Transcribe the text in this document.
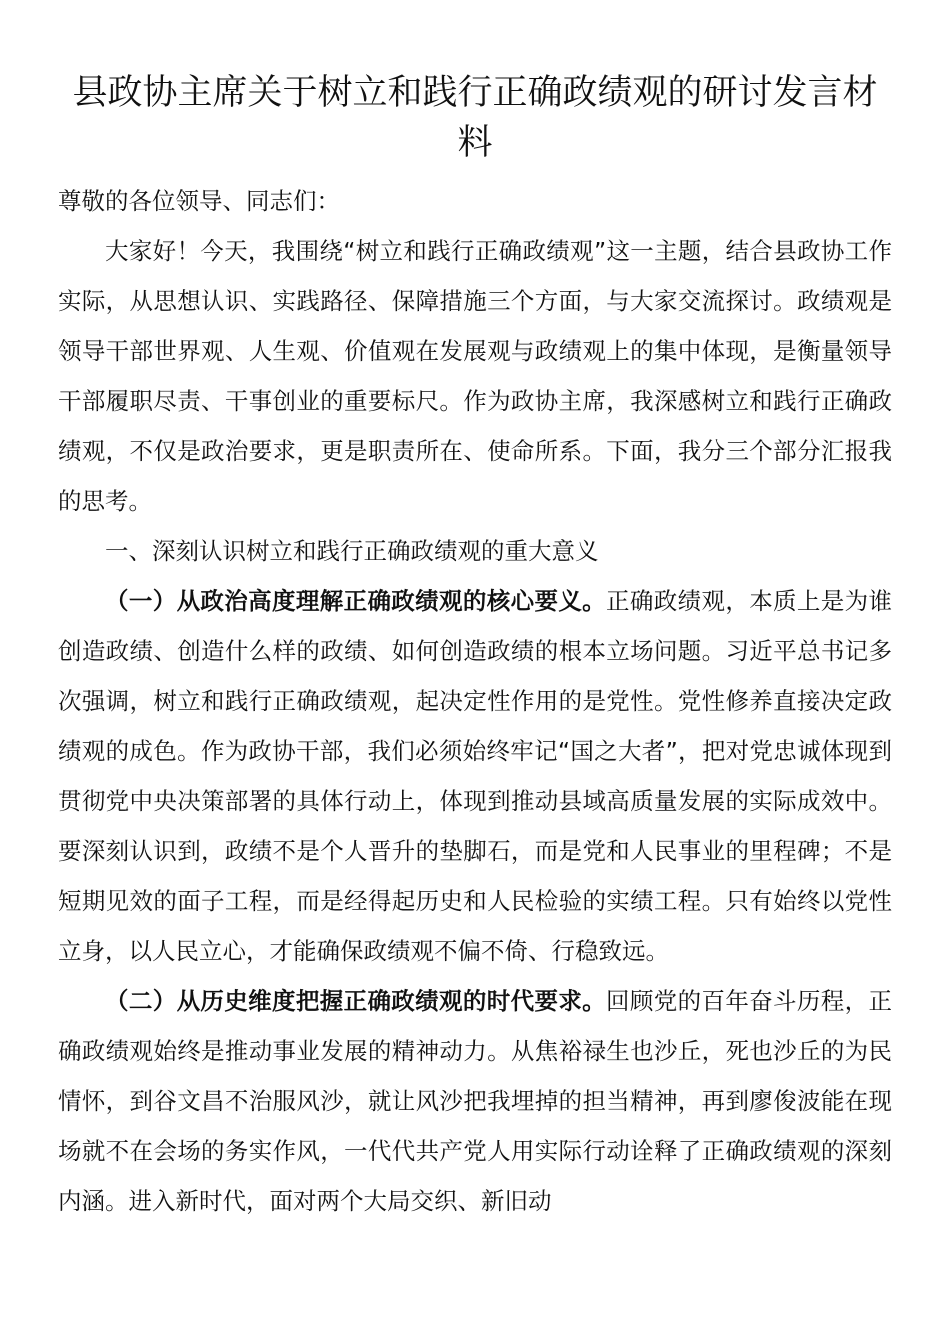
县政协主席关于树立和践行正确政绩观的研讨发言材料

尊敬的各位领导、同志们：

大家好！今天，我围绕“树立和践行正确政绩观”这一主题，结合县政协工作实际，从思想认识、实践路径、保障措施三个方面，与大家交流探讨。政绩观是领导干部世界观、人生观、价值观在发展观与政绩观上的集中体现，是衡量领导干部履职尽责、干事创业的重要标尺。作为政协主席，我深感树立和践行正确政绩观，不仅是政治要求，更是职责所在、使命所系。下面，我分三个部分汇报我的思考。

一、深刻认识树立和践行正确政绩观的重大意义

（一）从政治高度理解正确政绩观的核心要义。正确政绩观，本质上是为谁创造政绩、创造什么样的政绩、如何创造政绩的根本立场问题。习近平总书记多次强调，树立和践行正确政绩观，起决定性作用的是党性。党性修养直接决定政绩观的成色。作为政协干部，我们必须始终牢记“国之大者”，把对党忠诚体现到贯彻党中央决策部署的具体行动上，体现到推动县域高质量发展的实际成效中。要深刻认识到，政绩不是个人晋升的垫脚石，而是党和人民事业的里程碑；不是短期见效的面子工程，而是经得起历史和人民检验的实绩工程。只有始终以党性立身，以人民立心，才能确保政绩观不偏不倚、行稳致远。

（二）从历史维度把握正确政绩观的时代要求。回顾党的百年奋斗历程，正确政绩观始终是推动事业发展的精神动力。从焦裕禄生也沙丘，死也沙丘的为民情怀，到谷文昌不治服风沙，就让风沙把我埋掉的担当精神，再到廖俊波能在现场就不在会场的务实作风，一代代共产党人用实际行动诠释了正确政绩观的深刻内涵。进入新时代，面对两个大局交织、新旧动
